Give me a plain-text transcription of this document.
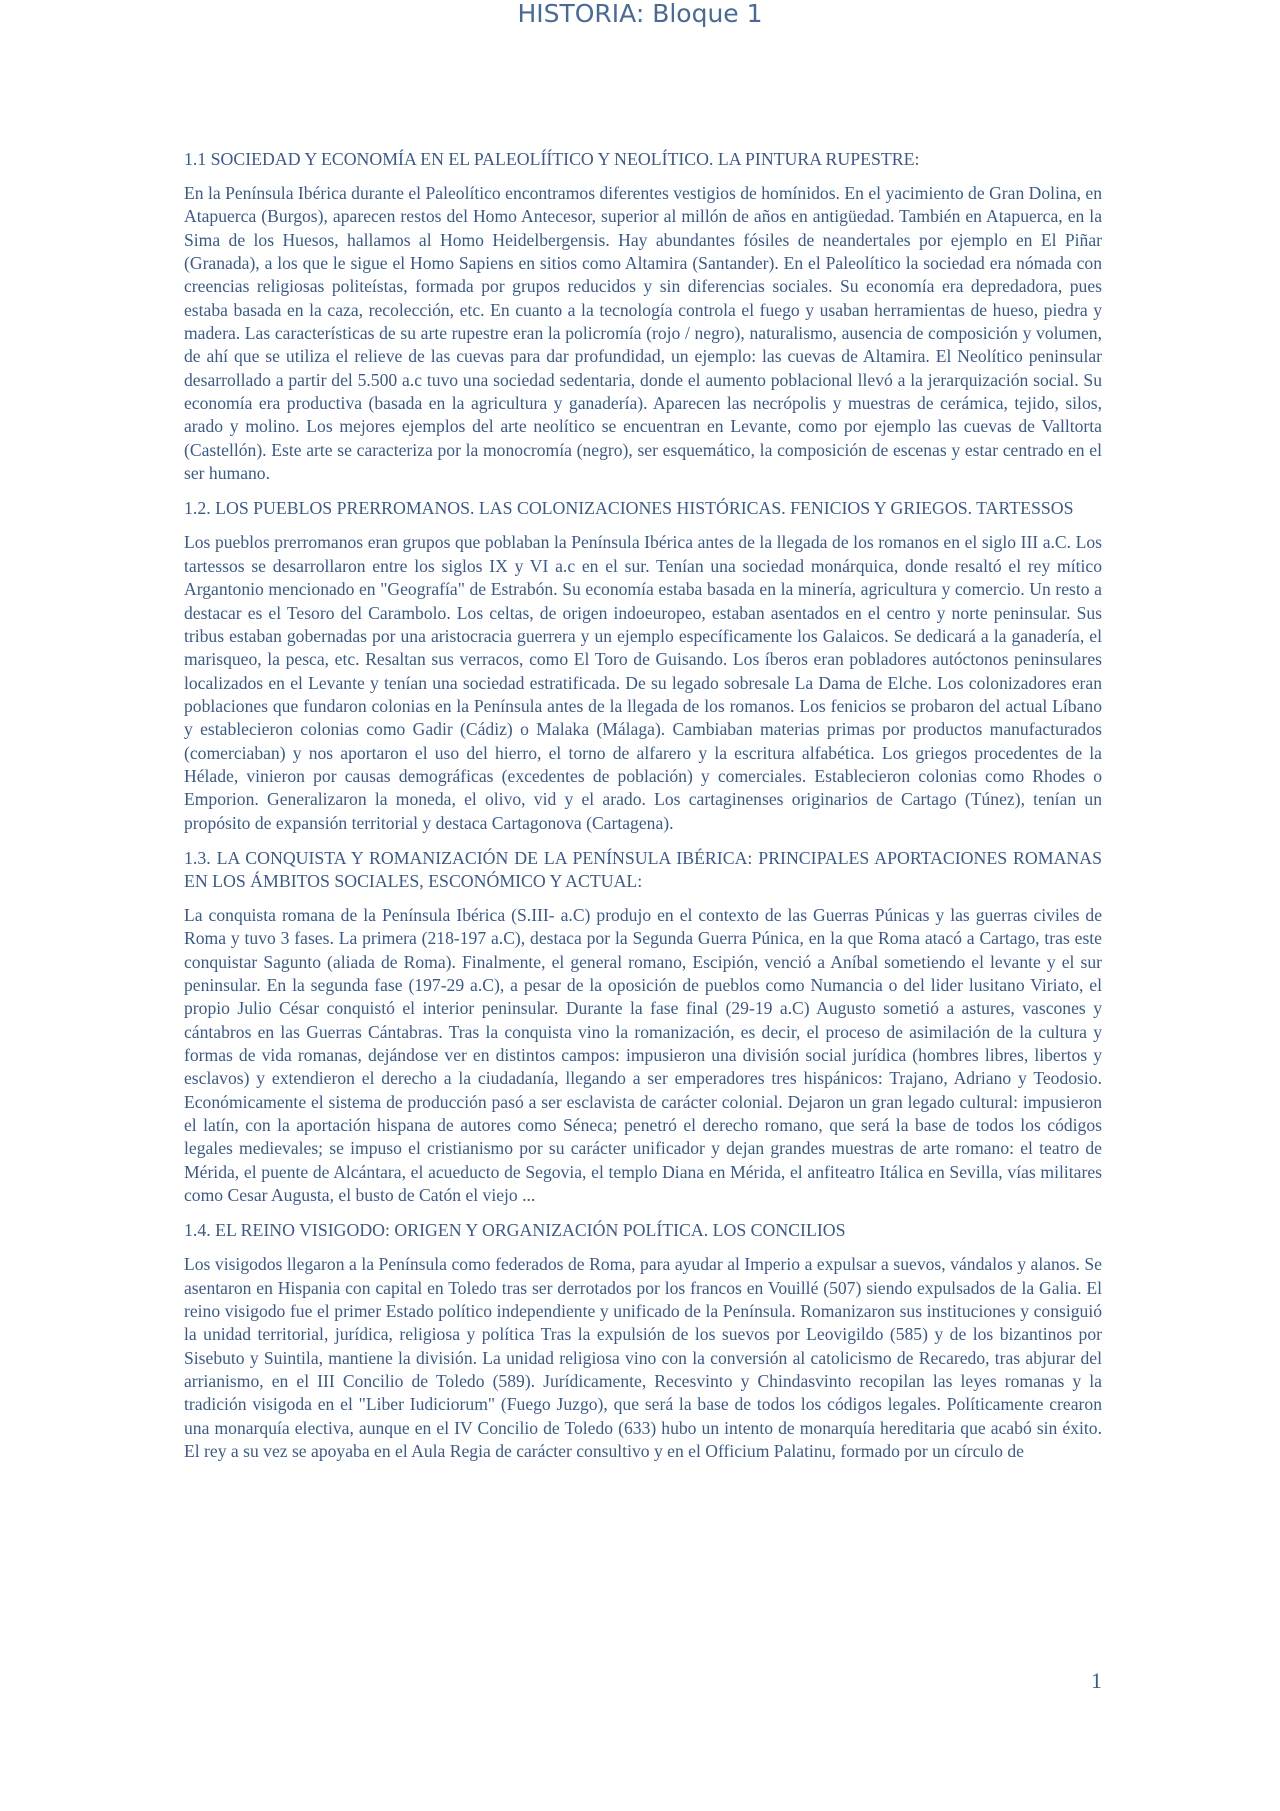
HISTORIA: Bloque 1

1.1 SOCIEDAD Y ECONOMÍA EN EL PALEOLÍÍTICO Y NEOLÍTICO. LA PINTURA RUPESTRE:

En la Península Ibérica durante el Paleolítico encontramos diferentes vestigios de homínidos. En el yacimiento de Gran Dolina, en Atapuerca (Burgos), aparecen restos del Homo Antecesor, superior al millón de años en antigüedad. También en Atapuerca, en la Sima de los Huesos, hallamos al Homo Heidelbergensis. Hay abundantes fósiles de neandertales por ejemplo en El Piñar (Granada), a los que le sigue el Homo Sapiens en sitios como Altamira (Santander). En el Paleolítico la sociedad era nómada con creencias religiosas politeístas, formada por grupos reducidos y sin diferencias sociales. Su economía era depredadora, pues estaba basada en la caza, recolección, etc. En cuanto a la tecnología controla el fuego y usaban herramientas de hueso, piedra y madera. Las características de su arte rupestre eran la policromía (rojo / negro), naturalismo, ausencia de composición y volumen, de ahí que se utiliza el relieve de las cuevas para dar profundidad, un ejemplo: las cuevas de Altamira. El Neolítico peninsular desarrollado a partir del 5.500 a.c tuvo una sociedad sedentaria, donde el aumento poblacional llevó a la jerarquización social. Su economía era productiva (basada en la agricultura y ganadería). Aparecen las necrópolis y muestras de cerámica, tejido, silos, arado y molino. Los mejores ejemplos del arte neolítico se encuentran en Levante, como por ejemplo las cuevas de Valltorta (Castellón). Este arte se caracteriza por la monocromía (negro), ser esquemático, la composición de escenas y estar centrado en el ser humano.

1.2. LOS PUEBLOS PRERROMANOS. LAS COLONIZACIONES HISTÓRICAS. FENICIOS Y GRIEGOS. TARTESSOS

Los pueblos prerromanos eran grupos que poblaban la Península Ibérica antes de la llegada de los romanos en el siglo III a.C. Los tartessos se desarrollaron entre los siglos IX y VI a.c en el sur. Tenían una sociedad monárquica, donde resaltó el rey mítico Argantonio mencionado en "Geografía" de Estrabón. Su economía estaba basada en la minería, agricultura y comercio. Un resto a destacar es el Tesoro del Carambolo. Los celtas, de origen indoeuropeo, estaban asentados en el centro y norte peninsular. Sus tribus estaban gobernadas por una aristocracia guerrera y un ejemplo específicamente los Galaicos. Se dedicará a la ganadería, el marisqueo, la pesca, etc. Resaltan sus verracos, como El Toro de Guisando. Los íberos eran pobladores autóctonos peninsulares localizados en el Levante y tenían una sociedad estratificada. De su legado sobresale La Dama de Elche. Los colonizadores eran poblaciones que fundaron colonias en la Península antes de la llegada de los romanos. Los fenicios se probaron del actual Líbano y establecieron colonias como Gadir (Cádiz) o Malaka (Málaga). Cambiaban materias primas por productos manufacturados (comerciaban) y nos aportaron el uso del hierro, el torno de alfarero y la escritura alfabética. Los griegos procedentes de la Hélade, vinieron por causas demográficas (excedentes de población) y comerciales. Establecieron colonias como Rhodes o Emporion. Generalizaron la moneda, el olivo, vid y el arado. Los cartaginenses originarios de Cartago (Túnez), tenían un propósito de expansión territorial y destaca Cartagonova (Cartagena).

1.3. LA CONQUISTA Y ROMANIZACIÓN DE LA PENÍNSULA IBÉRICA: PRINCIPALES APORTACIONES ROMANAS EN LOS ÁMBITOS SOCIALES, ESCONÓMICO Y ACTUAL:

La conquista romana de la Península Ibérica (S.III- a.C) produjo en el contexto de las Guerras Púnicas y las guerras civiles de Roma y tuvo 3 fases. La primera (218-197 a.C), destaca por la Segunda Guerra Púnica, en la que Roma atacó a Cartago, tras este conquistar Sagunto (aliada de Roma). Finalmente, el general romano, Escipión, venció a Aníbal sometiendo el levante y el sur peninsular. En la segunda fase (197-29 a.C), a pesar de la oposición de pueblos como Numancia o del lider lusitano Viriato, el propio Julio César conquistó el interior peninsular. Durante la fase final (29-19 a.C) Augusto sometió a astures, vascones y cántabros en las Guerras Cántabras. Tras la conquista vino la romanización, es decir, el proceso de asimilación de la cultura y formas de vida romanas, dejándose ver en distintos campos: impusieron una división social jurídica (hombres libres, libertos y esclavos) y extendieron el derecho a la ciudadanía, llegando a ser emperadores tres hispánicos: Trajano, Adriano y Teodosio. Económicamente el sistema de producción pasó a ser esclavista de carácter colonial. Dejaron un gran legado cultural: impusieron el latín, con la aportación hispana de autores como Séneca; penetró el derecho romano, que será la base de todos los códigos legales medievales; se impuso el cristianismo por su carácter unificador y dejan grandes muestras de arte romano: el teatro de Mérida, el puente de Alcántara, el acueducto de Segovia, el templo Diana en Mérida, el anfiteatro Itálica en Sevilla, vías militares como Cesar Augusta, el busto de Catón el viejo ...

1.4. EL REINO VISIGODO: ORIGEN Y ORGANIZACIÓN POLÍTICA. LOS CONCILIOS

Los visigodos llegaron a la Península como federados de Roma, para ayudar al Imperio a expulsar a suevos, vándalos y alanos. Se asentaron en Hispania con capital en Toledo tras ser derrotados por los francos en Vouillé (507) siendo expulsados de la Galia. El reino visigodo fue el primer Estado político independiente y unificado de la Península. Romanizaron sus instituciones y consiguió la unidad territorial, jurídica, religiosa y política Tras la expulsión de los suevos por Leovigildo (585) y de los bizantinos por Sisebuto y Suintila, mantiene la división. La unidad religiosa vino con la conversión al catolicismo de Recaredo, tras abjurar del arrianismo, en el III Concilio de Toledo (589). Jurídicamente, Recesvinto y Chindasvinto recopilan las leyes romanas y la tradición visigoda en el "Liber Iudiciorum" (Fuego Juzgo), que será la base de todos los códigos legales. Políticamente crearon una monarquía electiva, aunque en el IV Concilio de Toledo (633) hubo un intento de monarquía hereditaria que acabó sin éxito. El rey a su vez se apoyaba en el Aula Regia de carácter consultivo y en el Officium Palatinu, formado por un círculo de

1
